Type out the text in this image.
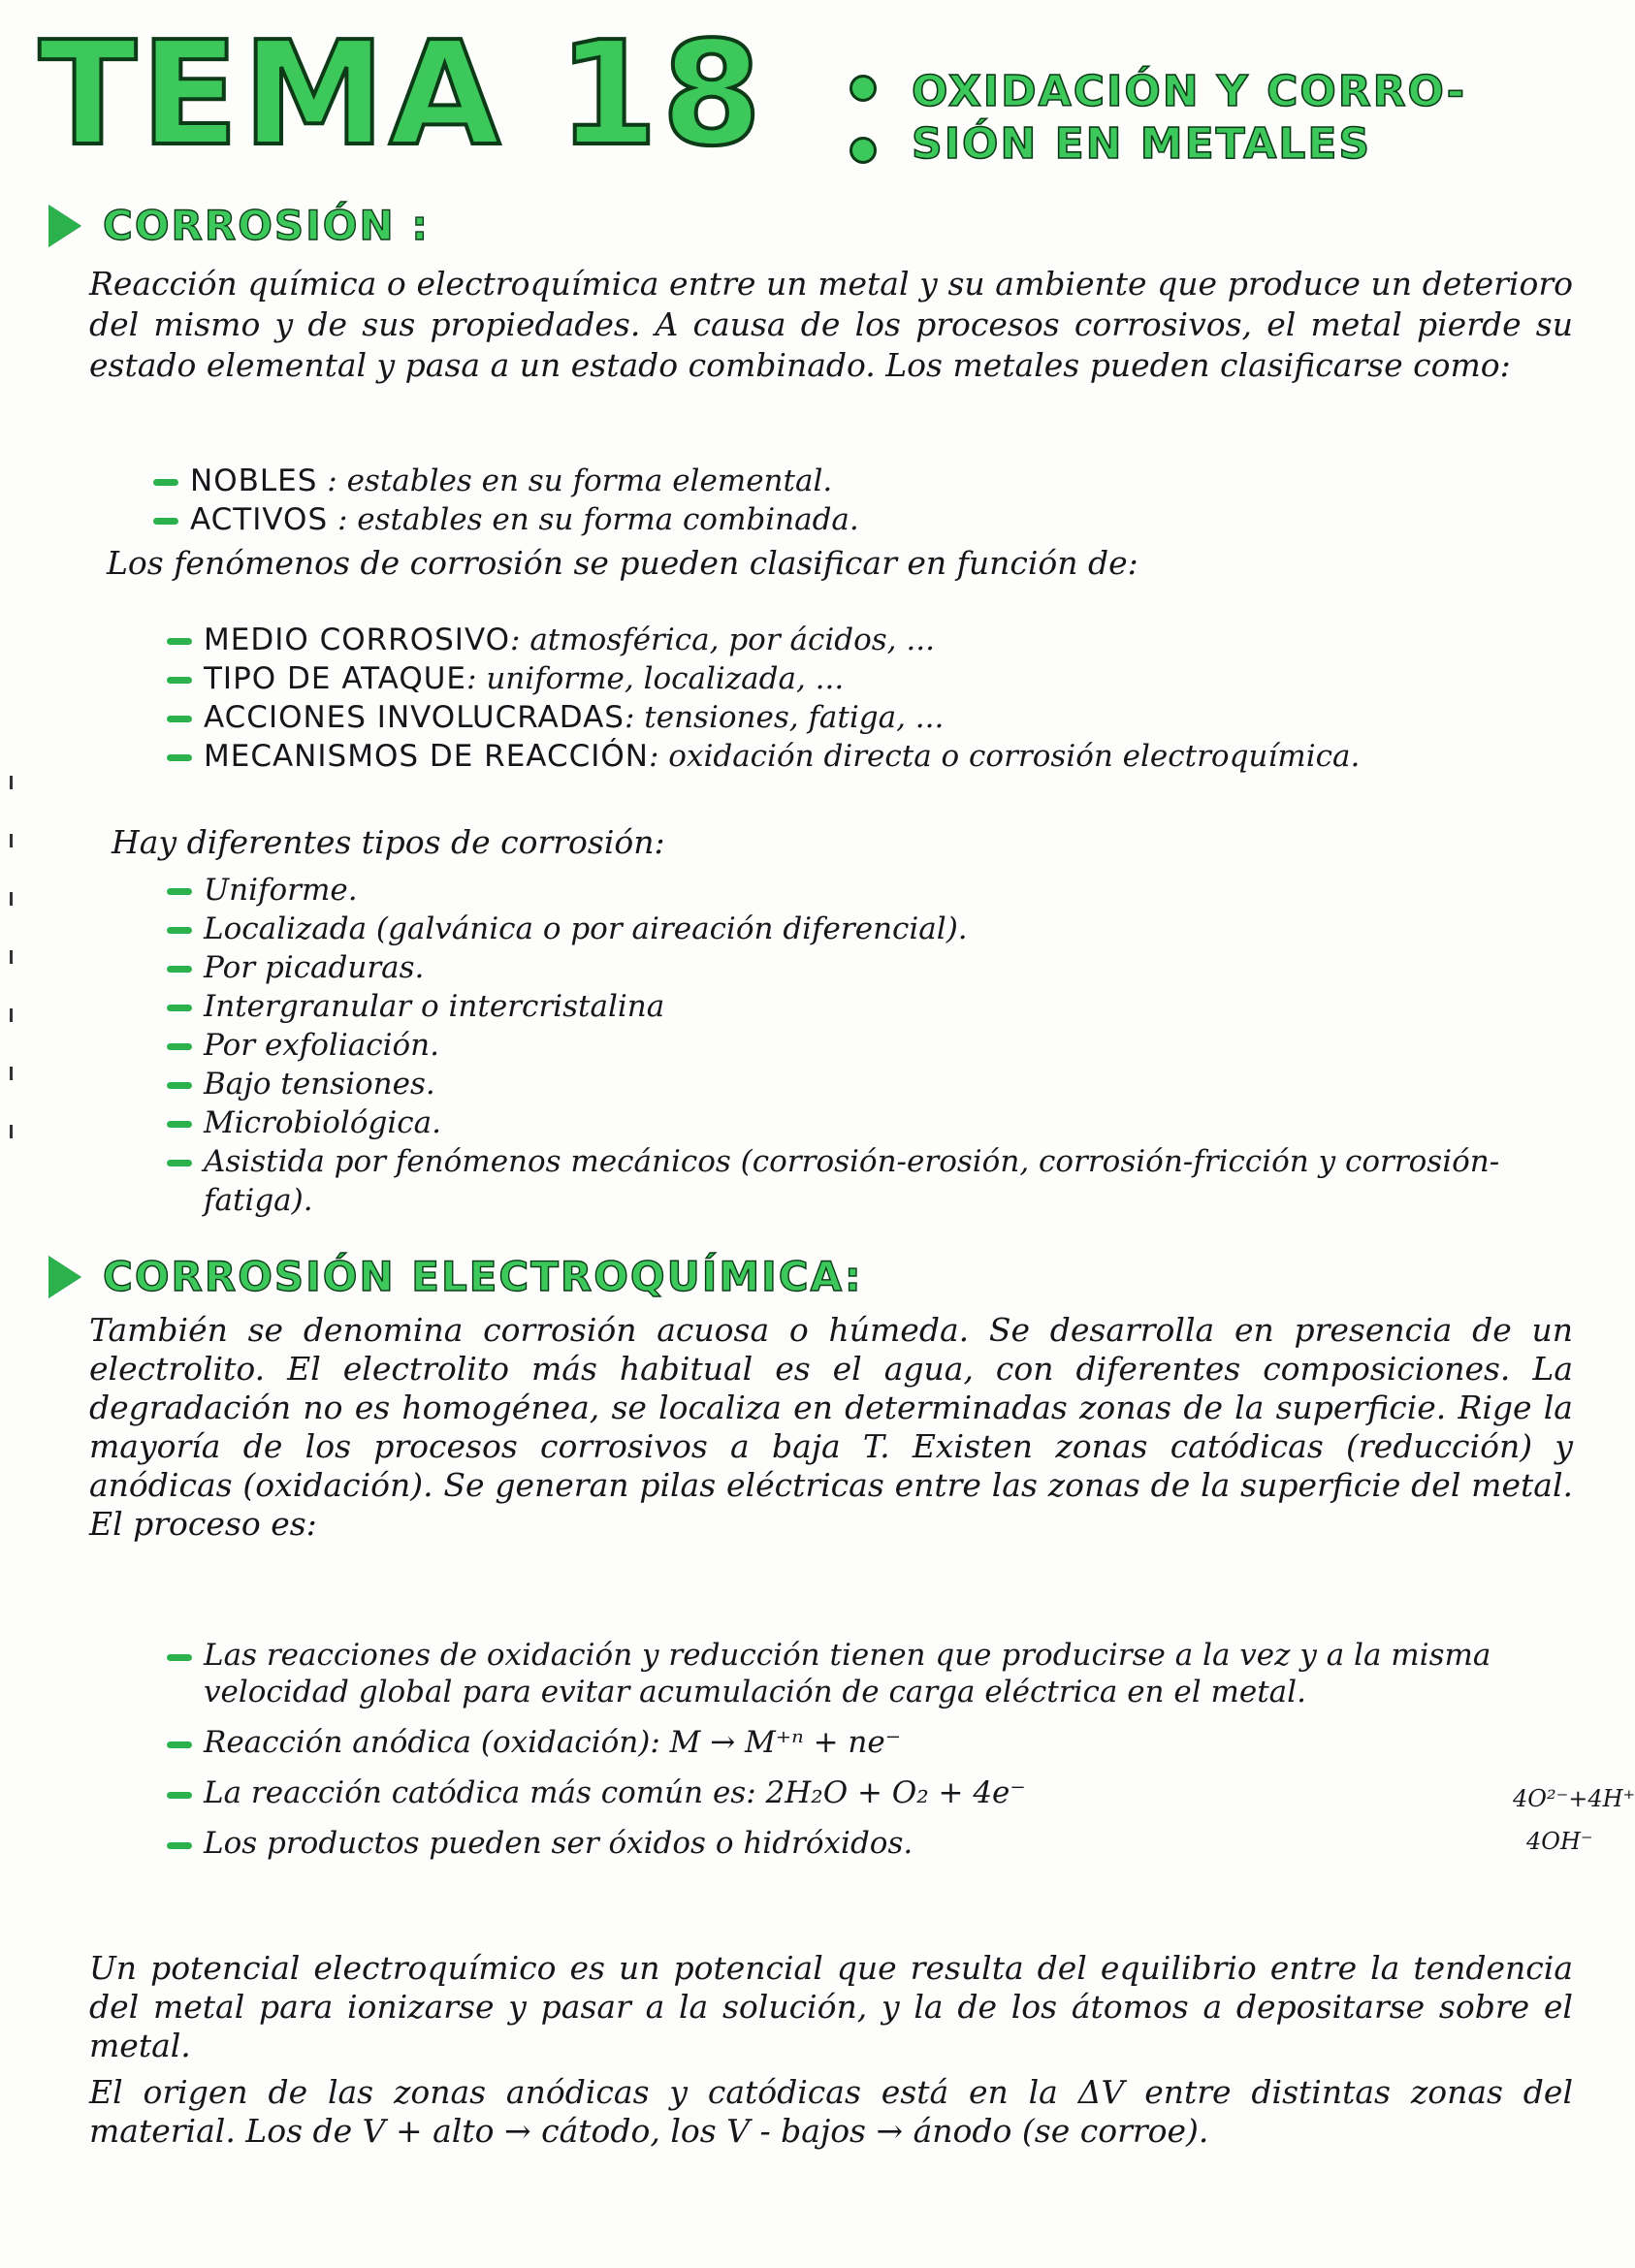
TEMA 18	OXIDACIÓN Y CORRO-
SIÓN EN METALES
CORROSIÓN :

Reacción química o electroquímica entre un metal y su ambiente que produce un deterioro del mismo y de sus propiedades. A causa de los procesos corrosivos, el metal pierde su estado elemental y pasa a un estado combinado. Los metales pueden clasificarse como:

NOBLES : estables en su forma elemental.
ACTIVOS : estables en su forma combinada.

Los fenómenos de corrosión se pueden clasificar en función de:

MEDIO CORROSIVO: atmosférica, por ácidos, ...
TIPO DE ATAQUE: uniforme, localizada, ...
ACCIONES INVOLUCRADAS: tensiones, fatiga, ...
MECANISMOS DE REACCIÓN: oxidación directa o corrosión electroquímica.

Hay diferentes tipos de corrosión:

Uniforme.
Localizada (galvánica o por aireación diferencial).
Por picaduras.
Intergranular o intercristalina
Por exfoliación.
Bajo tensiones.
Microbiológica.
Asistida por fenómenos mecánicos (corrosión-erosión, corrosión-fricción y corrosión-fatiga).
CORROSIÓN ELECTROQUÍMICA:

También se denomina corrosión acuosa o húmeda. Se desarrolla en presencia de un electrolito. El electrolito más habitual es el agua, con diferentes composiciones. La degradación no es homogénea, se localiza en determinadas zonas de la superficie. Rige la mayoría de los procesos corrosivos a baja T. Existen zonas catódicas (reducción) y anódicas (oxidación). Se generan pilas eléctricas entre las zonas de la superficie del metal. El proceso es:

Las reacciones de oxidación y reducción tienen que producirse a la vez y a la misma velocidad global para evitar acumulación de carga eléctrica en el metal.
Reacción anódica (oxidación): M → M⁺ⁿ + ne⁻
La reacción catódica más común es: 2H₂O + O₂ + 4e⁻
Los productos pueden ser óxidos o hidróxidos.
4O²⁻+4H⁺
4OH⁻

Un potencial electroquímico es un potencial que resulta del equilibrio entre la tendencia del metal para ionizarse y pasar a la solución, y la de los átomos a depositarse sobre el metal.

El origen de las zonas anódicas y catódicas está en la ΔV entre distintas zonas del material. Los de V + alto → cátodo, los V - bajos → ánodo (se corroe).
